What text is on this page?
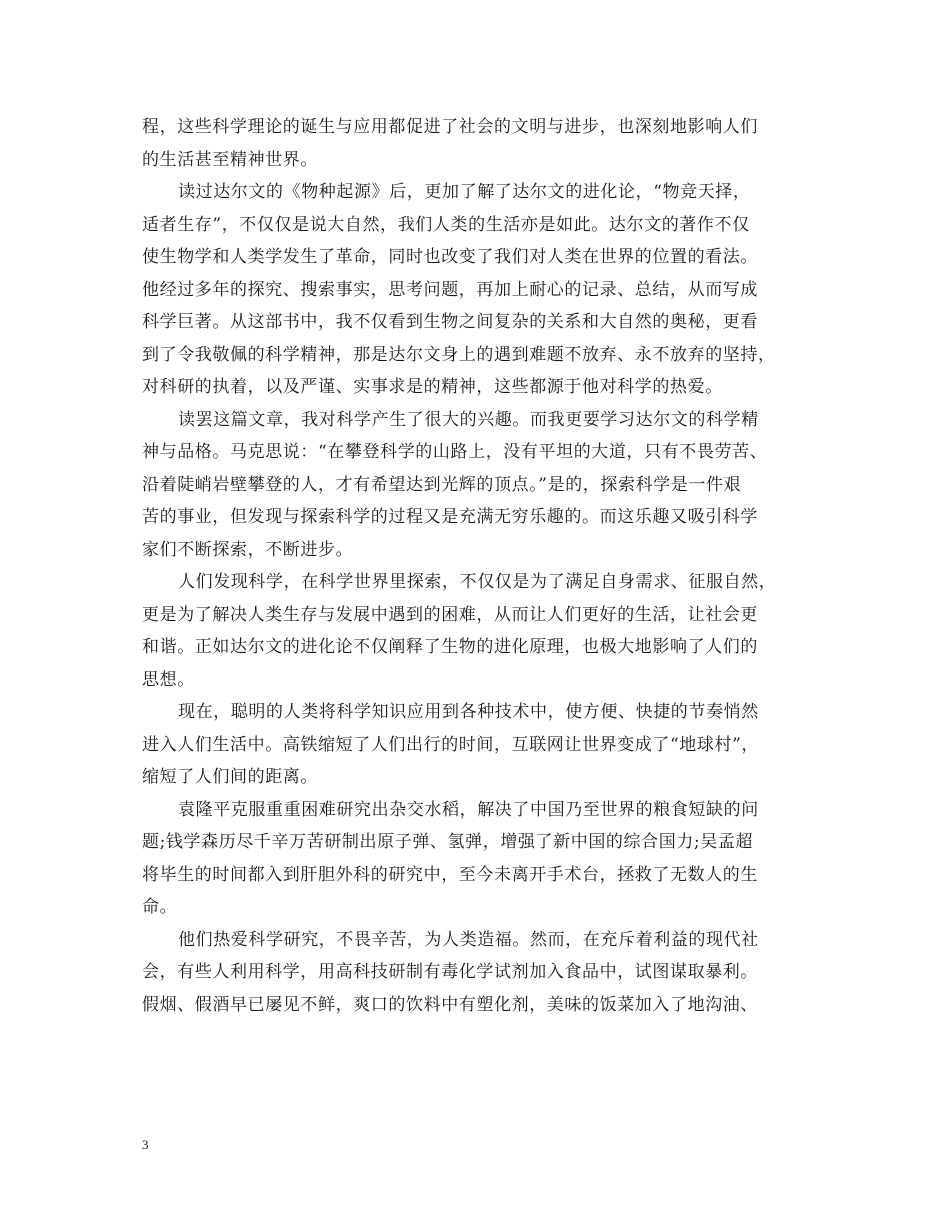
程，这些科学理论的诞生与应用都促进了社会的文明与进步，也深刻地影响人们
的生活甚至精神世界。
读过达尔文的《物种起源》后，更加了解了达尔文的进化论，“物竞天择，
适者生存”，不仅仅是说大自然，我们人类的生活亦是如此。达尔文的著作不仅
使生物学和人类学发生了革命，同时也改变了我们对人类在世界的位置的看法。
他经过多年的探究、搜索事实，思考问题，再加上耐心的记录、总结，从而写成
科学巨著。从这部书中，我不仅看到生物之间复杂的关系和大自然的奥秘，更看
到了令我敬佩的科学精神，那是达尔文身上的遇到难题不放弃、永不放弃的坚持，
对科研的执着，以及严谨、实事求是的精神，这些都源于他对科学的热爱。
读罢这篇文章，我对科学产生了很大的兴趣。而我更要学习达尔文的科学精
神与品格。马克思说：“在攀登科学的山路上，没有平坦的大道，只有不畏劳苦、
沿着陡峭岩壁攀登的人，才有希望达到光辉的顶点。”是的，探索科学是一件艰
苦的事业，但发现与探索科学的过程又是充满无穷乐趣的。而这乐趣又吸引科学
家们不断探索，不断进步。
人们发现科学，在科学世界里探索，不仅仅是为了满足自身需求、征服自然，
更是为了解决人类生存与发展中遇到的困难，从而让人们更好的生活，让社会更
和谐。正如达尔文的进化论不仅阐释了生物的进化原理，也极大地影响了人们的
思想。
现在，聪明的人类将科学知识应用到各种技术中，使方便、快捷的节奏悄然
进入人们生活中。高铁缩短了人们出行的时间，互联网让世界变成了“地球村”，
缩短了人们间的距离。
袁隆平克服重重困难研究出杂交水稻，解决了中国乃至世界的粮食短缺的问
题;钱学森历尽千辛万苦研制出原子弹、氢弹，增强了新中国的综合国力;吴孟超
将毕生的时间都入到肝胆外科的研究中，至今未离开手术台，拯救了无数人的生
命。
他们热爱科学研究，不畏辛苦，为人类造福。然而，在充斥着利益的现代社
会，有些人利用科学，用高科技研制有毒化学试剂加入食品中，试图谋取暴利。
假烟、假酒早已屡见不鲜，爽口的饮料中有塑化剂，美味的饭菜加入了地沟油、
3
